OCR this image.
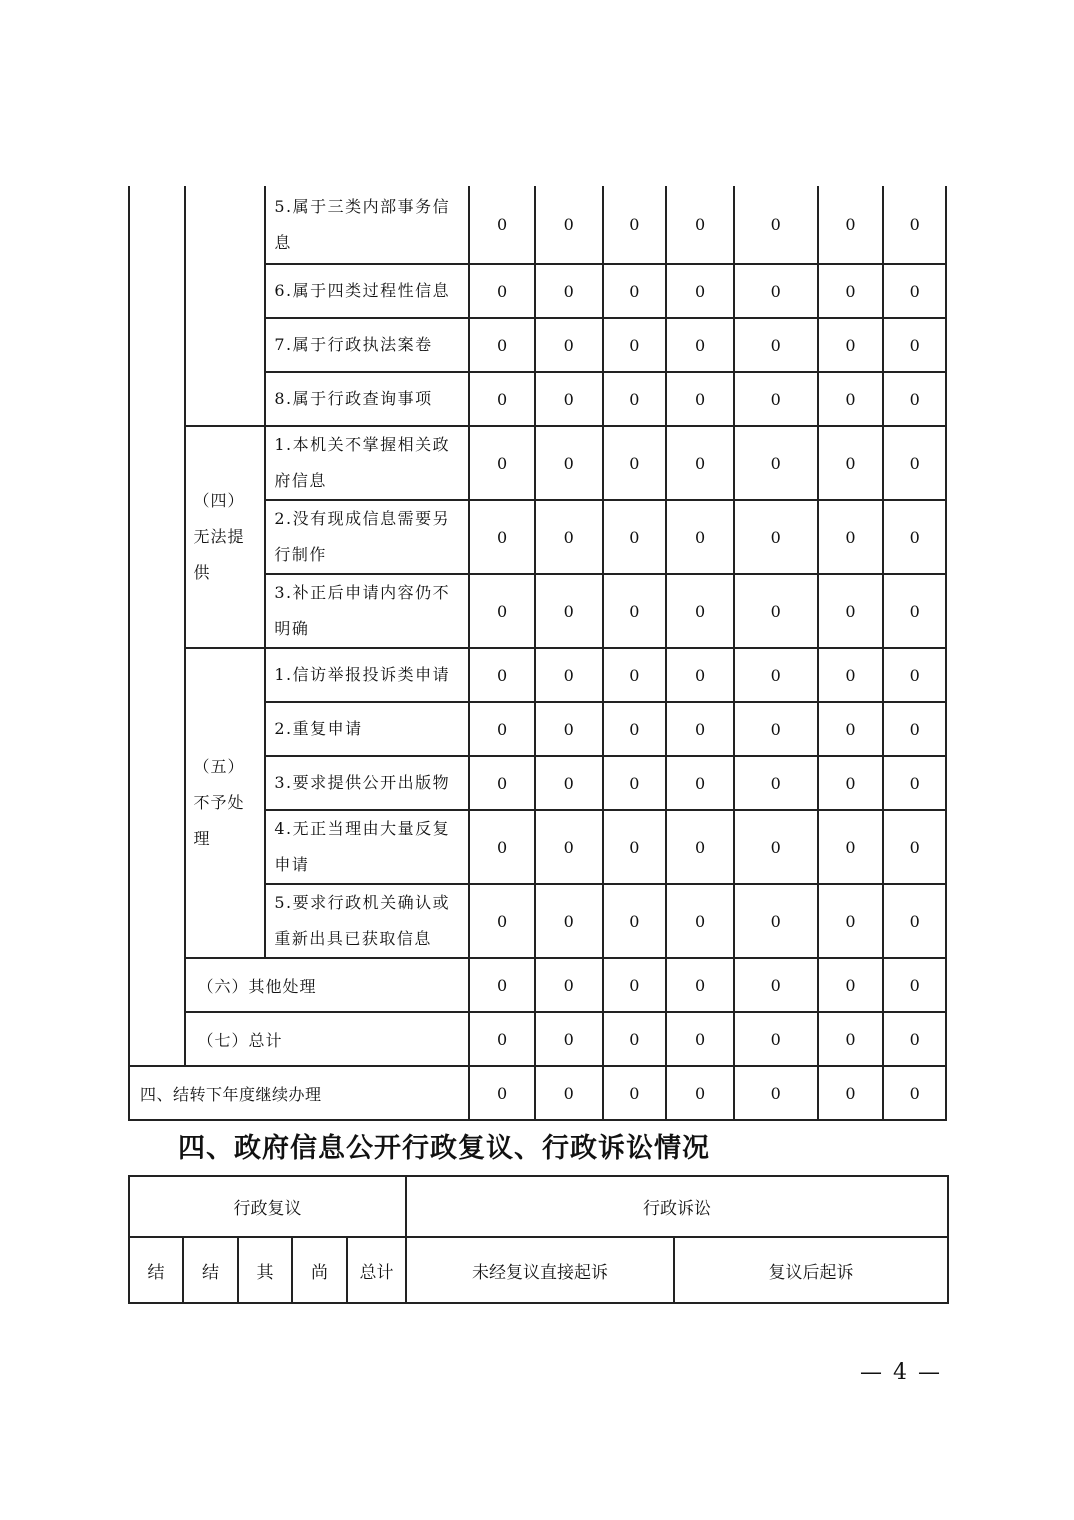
		5.属于三类内部事务信息	0	0	0	0	0	0	0
		6.属于四类过程性信息	0	0	0	0	0	0	0
		7.属于行政执法案卷	0	0	0	0	0	0	0
		8.属于行政查询事项	0	0	0	0	0	0	0
	（四）无法提供	1.本机关不掌握相关政府信息	0	0	0	0	0	0	0
		2.没有现成信息需要另行制作	0	0	0	0	0	0	0
		3.补正后申请内容仍不明确	0	0	0	0	0	0	0
	（五）不予处理	1.信访举报投诉类申请	0	0	0	0	0	0	0
		2.重复申请	0	0	0	0	0	0	0
		3.要求提供公开出版物	0	0	0	0	0	0	0
		4.无正当理由大量反复申请	0	0	0	0	0	0	0
		5.要求行政机关确认或重新出具已获取信息	0	0	0	0	0	0	0
	（六）其他处理		0	0	0	0	0	0	0
	（七）总计		0	0	0	0	0	0	0
四、结转下年度继续办理			0	0	0	0	0	0	0
四、政府信息公开行政复议、行政诉讼情况
行政复议					行政诉讼	
结	结	其	尚	总计	未经复议直接起诉	复议后起诉
— 4 —
